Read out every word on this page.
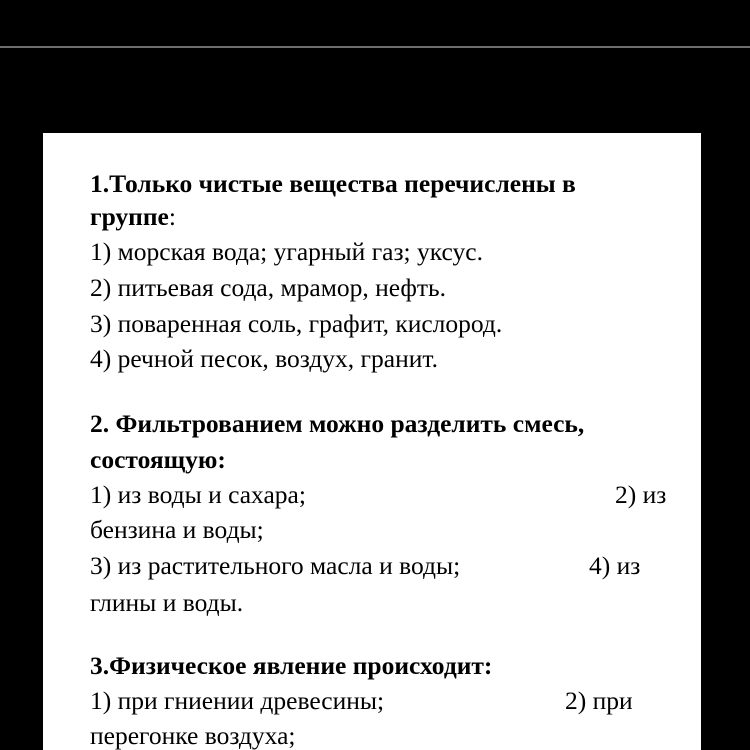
1.Только чистые вещества перечислены в
группе:
1) морская вода; угарный газ; уксус.
2) питьевая сода, мрамор, нефть.
3) поваренная соль, графит, кислород.
4) речной песок, воздух, гранит.
2. Фильтрованием можно разделить смесь,
состоящую:
1) из воды и сахара;	2) из
бензина и воды;
3) из растительного масла и воды;	4) из
глины и воды.
3.Физическое явление происходит:
1) при гниении древесины;	2) при
перегонке воздуха;
